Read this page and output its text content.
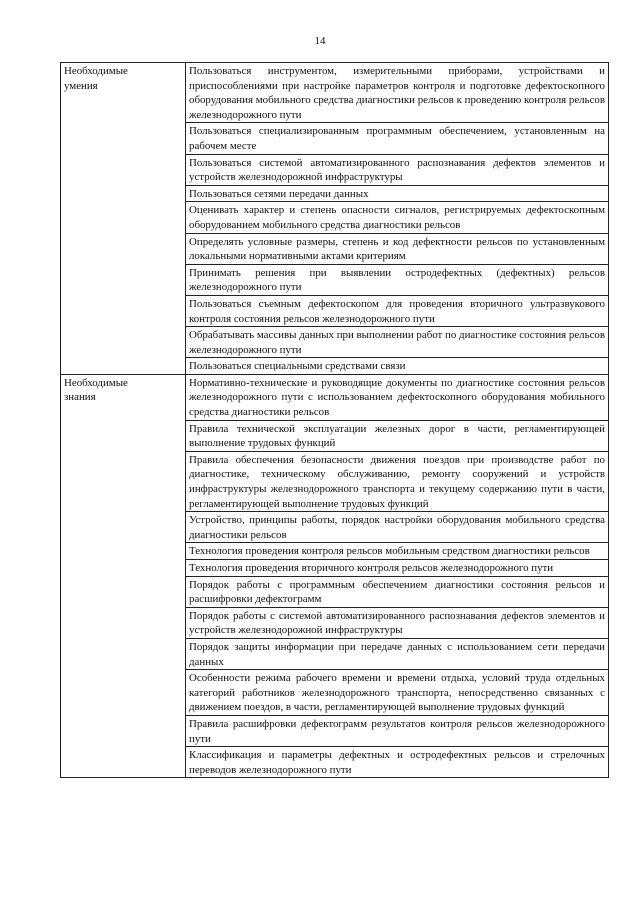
14
Необходимые
умения	Пользоваться инструментом, измерительными приборами, устройствами и приспособлениями при настройке параметров контроля и подготовке дефектоскопного оборудования мобильного средства диагностики рельсов к проведению контроля рельсов железнодорожного пути
	Пользоваться специализированным программным обеспечением, установленным на рабочем месте
	Пользоваться системой автоматизированного распознавания дефектов элементов и устройств железнодорожной инфраструктуры
	Пользоваться сетями передачи данных
	Оценивать характер и степень опасности сигналов, регистрируемых дефектоскопным оборудованием мобильного средства диагностики рельсов
	Определять условные размеры, степень и код дефектности рельсов по установленным локальными нормативными актами критериям
	Принимать решения при выявлении остродефектных (дефектных) рельсов железнодорожного пути
	Пользоваться съемным дефектоскопом для проведения вторичного ультразвукового контроля состояния рельсов железнодорожного пути
	Обрабатывать массивы данных при выполнении работ по диагностике состояния рельсов железнодорожного пути
	Пользоваться специальными средствами связи

Необходимые
знания	Нормативно-технические и руководящие документы по диагностике состояния рельсов железнодорожного пути с использованием дефектоскопного оборудования мобильного средства диагностики рельсов
	Правила технической эксплуатации железных дорог в части, регламентирующей выполнение трудовых функций
	Правила обеспечения безопасности движения поездов при производстве работ по диагностике, техническому обслуживанию, ремонту сооружений и устройств инфраструктуры железнодорожного транспорта и текущему содержанию пути в части, регламентирующей выполнение трудовых функций
	Устройство, принципы работы, порядок настройки оборудования мобильного средства диагностики рельсов
	Технология проведения контроля рельсов мобильным средством диагностики рельсов
	Технология проведения вторичного контроля рельсов железнодорожного пути
	Порядок работы с программным обеспечением диагностики состояния рельсов и расшифровки дефектограмм
	Порядок работы с системой автоматизированного распознавания дефектов элементов и устройств железнодорожной инфраструктуры
	Порядок защиты информации при передаче данных с использованием сети передачи данных
	Особенности режима рабочего времени и времени отдыха, условий труда отдельных категорий работников железнодорожного транспорта, непосредственно связанных с движением поездов, в части, регламентирующей выполнение трудовых функций
	Правила расшифровки дефектограмм результатов контроля рельсов железнодорожного пути
	Классификация и параметры дефектных и остродефектных рельсов и стрелочных переводов железнодорожного пути
